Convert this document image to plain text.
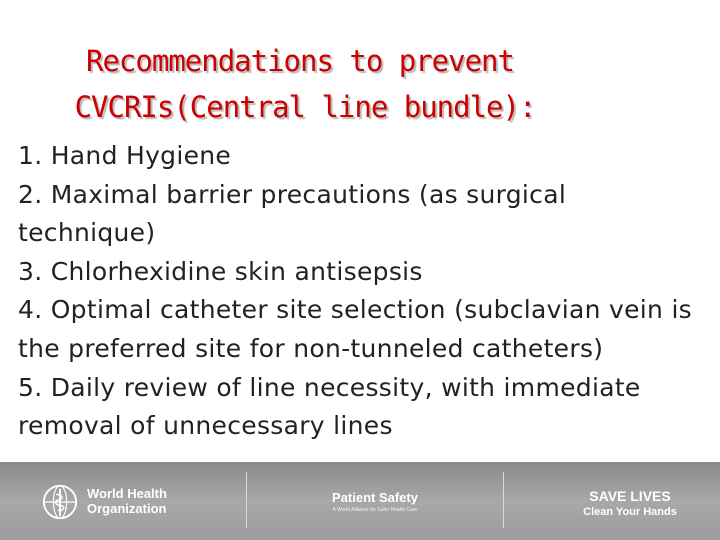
Recommendations to prevent
CVCRIs(Central line bundle):
1. Hand Hygiene
2. Maximal barrier precautions (as surgical technique)
3. Chlorhexidine skin antisepsis
4. Optimal catheter site selection (subclavian vein is the preferred site for non-tunneled catheters)
5. Daily review of line necessity, with immediate removal of unnecessary lines
World Health
Organization
Patient Safety
A World Alliance for Safer Health Care
SAVE LIVES
Clean Your Hands
